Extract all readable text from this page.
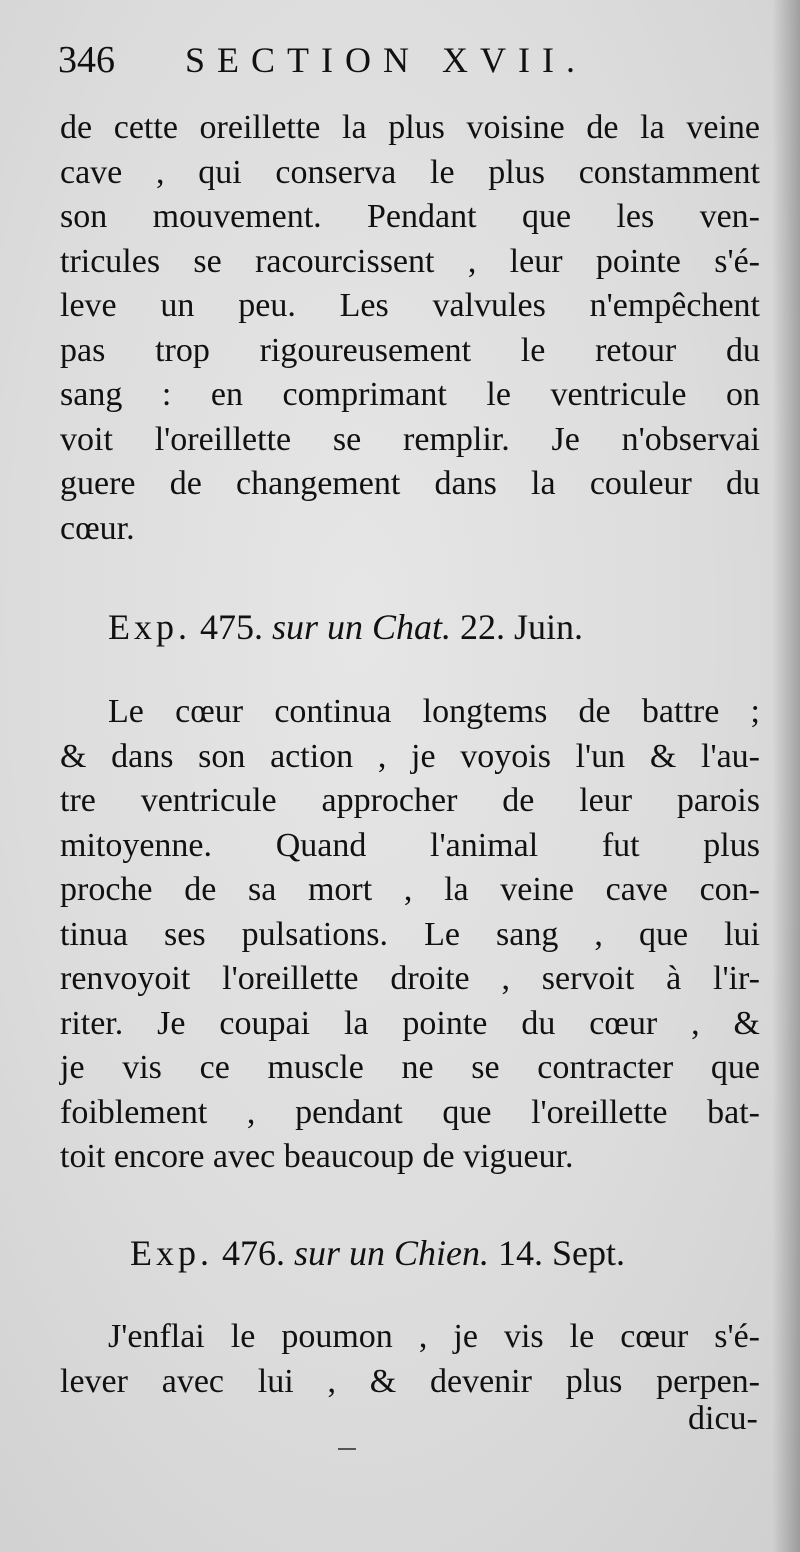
346 SECTION XVII.
de cette oreillette la plus voisine de la veine
cave , qui conserva le plus constamment
son mouvement. Pendant que les ven-
tricules se racourcissent , leur pointe s'é-
leve un peu. Les valvules n'empêchent
pas trop rigoureusement le retour du
sang : en comprimant le ventricule on
voit l'oreillette se remplir. Je n'observai
guere de changement dans la couleur du
cœur.
Exp. 475. sur un Chat. 22. Juin.
Le cœur continua longtems de battre ;
& dans son action , je voyois l'un & l'au-
tre ventricule approcher de leur parois
mitoyenne. Quand l'animal fut plus
proche de sa mort , la veine cave con-
tinua ses pulsations. Le sang , que lui
renvoyoit l'oreillette droite , servoit à l'ir-
riter. Je coupai la pointe du cœur , &
je vis ce muscle ne se contracter que
foiblement , pendant que l'oreillette bat-
toit encore avec beaucoup de vigueur.
Exp. 476. sur un Chien. 14. Sept.
J'enflai le poumon , je vis le cœur s'é-
lever avec lui , & devenir plus perpen-
dicu-
